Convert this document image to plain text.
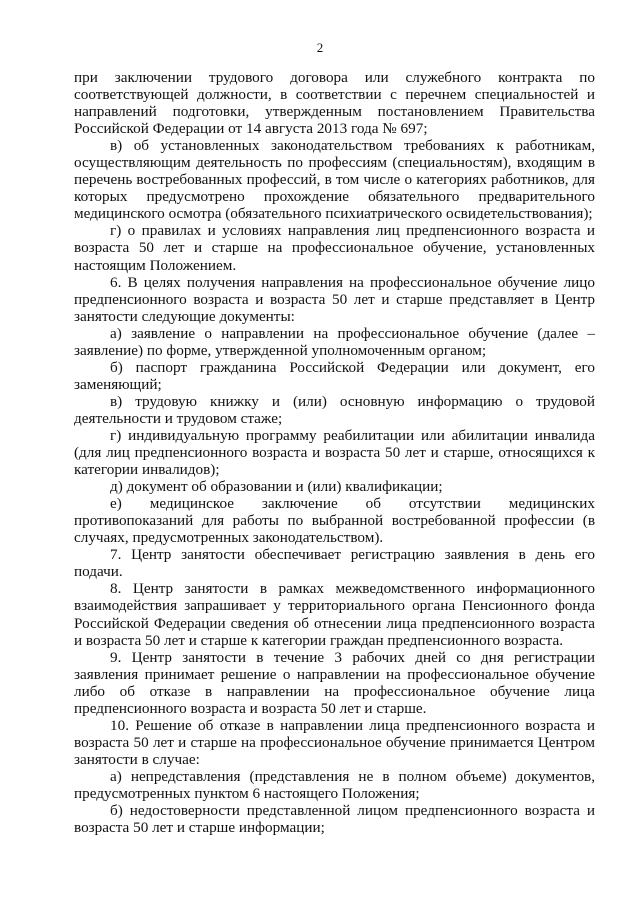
2

при заключении трудового договора или служебного контракта по соответствующей должности, в соответствии с перечнем специальностей и направлений подготовки, утвержденным постановлением Правительства Российской Федерации от 14 августа 2013 года № 697;

в) об установленных законодательством требованиях к работникам, осуществляющим деятельность по профессиям (специальностям), входящим в перечень востребованных профессий, в том числе о категориях работников, для которых предусмотрено прохождение обязательного предварительного медицинского осмотра (обязательного психиатрического освидетельствования);

г) о правилах и условиях направления лиц предпенсионного возраста и возраста 50 лет и старше на профессиональное обучение, установленных настоящим Положением.

6. В целях получения направления на профессиональное обучение лицо предпенсионного возраста и возраста 50 лет и старше представляет в Центр занятости следующие документы:

а) заявление о направлении на профессиональное обучение (далее – заявление) по форме, утвержденной уполномоченным органом;

б) паспорт гражданина Российской Федерации или документ, его заменяющий;

в) трудовую книжку и (или) основную информацию о трудовой деятельности и трудовом стаже;

г) индивидуальную программу реабилитации или абилитации инвалида (для лиц предпенсионного возраста и возраста 50 лет и старше, относящихся к категории инвалидов);

д) документ об образовании и (или) квалификации;

е) медицинское заключение об отсутствии медицинских противопоказаний для работы по выбранной востребованной профессии (в случаях, предусмотренных законодательством).

7. Центр занятости обеспечивает регистрацию заявления в день его подачи.

8. Центр занятости в рамках межведомственного информационного взаимодействия запрашивает у территориального органа Пенсионного фонда Российской Федерации сведения об отнесении лица предпенсионного возраста и возраста 50 лет и старше к категории граждан предпенсионного возраста.

9. Центр занятости в течение 3 рабочих дней со дня регистрации заявления принимает решение о направлении на профессиональное обучение либо об отказе в направлении на профессиональное обучение лица предпенсионного возраста и возраста 50 лет и старше.

10. Решение об отказе в направлении лица предпенсионного возраста и возраста 50 лет и старше на профессиональное обучение принимается Центром занятости в случае:

а) непредставления (представления не в полном объеме) документов, предусмотренных пунктом 6 настоящего Положения;

б) недостоверности представленной лицом предпенсионного возраста и возраста 50 лет и старше информации;
